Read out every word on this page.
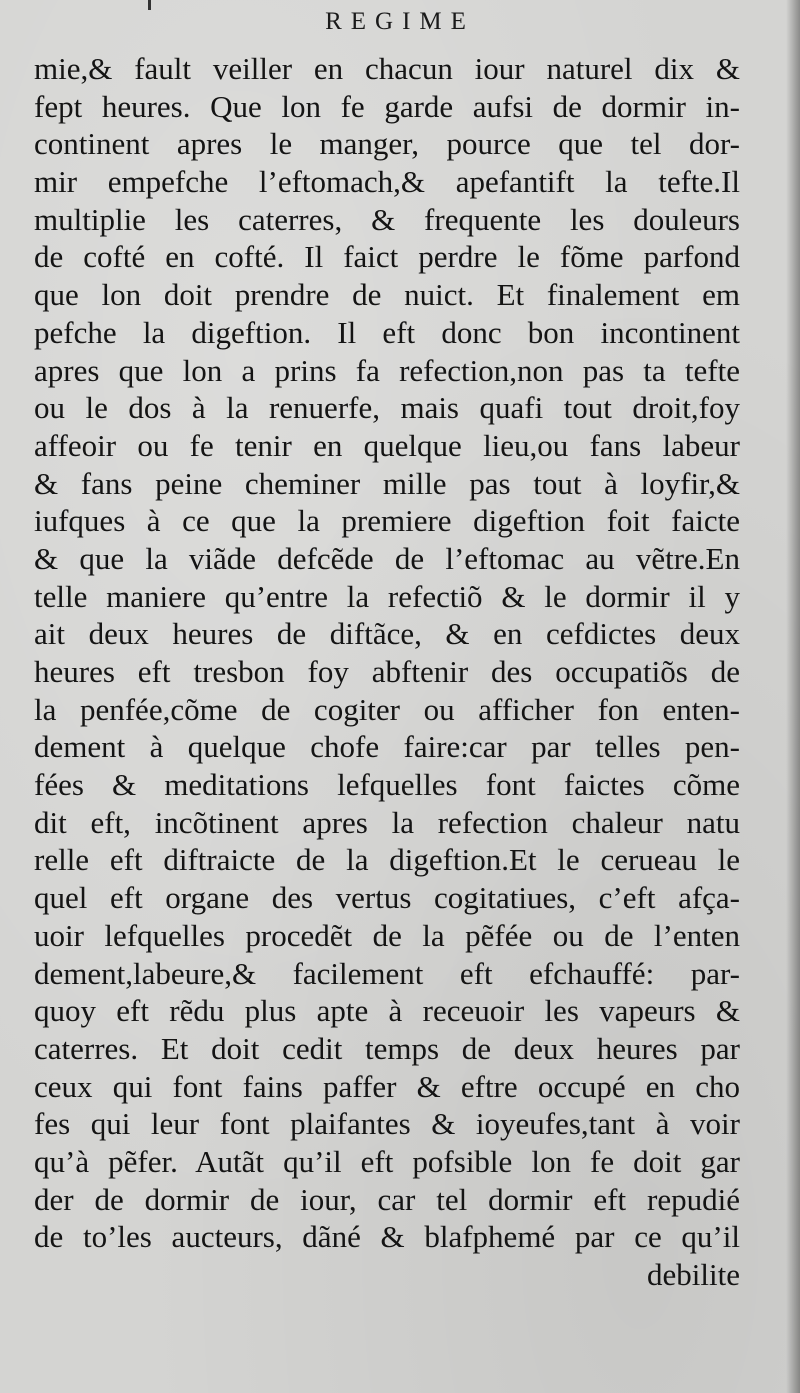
REGIME
mie,& fault veiller en chacun iour naturel dix &
fept heures. Que lon fe garde aufsi de dormir in-
continent apres le manger, pource que tel dor-
mir empefche l’eftomach,& apefantift la tefte.Il
multiplie les caterres, & frequente les douleurs
de cofté en cofté. Il faict perdre le fõme parfond
que lon doit prendre de nuict. Et finalement em
pefche la digeftion. Il eft donc bon incontinent
apres que lon a prins fa refection,non pas ta tefte
ou le dos à la renuerfe, mais quafi tout droit,foy
affeoir ou fe tenir en quelque lieu,ou fans labeur
& fans peine cheminer mille pas tout à loyfir,&
iufques à ce que la premiere digeftion foit faicte
& que la viãde defcẽde de l’eftomac au vẽtre.En
telle maniere qu’entre la refectiõ & le dormir il y
ait deux heures de diftãce, & en cefdictes deux
heures eft tresbon foy abftenir des occupatiõs de
la penfée,cõme de cogiter ou afficher fon enten-
dement à quelque chofe faire:car par telles pen-
fées & meditations lefquelles font faictes cõme
dit eft, incõtinent apres la refection chaleur natu
relle eft diftraicte de la digeftion.Et le cerueau le
quel eft organe des vertus cogitatiues, c’eft afça-
uoir lefquelles procedẽt de la pẽfée ou de l’enten
dement,labeure,& facilement eft efchauffé: par-
quoy eft rẽdu plus apte à receuoir les vapeurs &
caterres. Et doit cedit temps de deux heures par
ceux qui font fains paffer & eftre occupé en cho
fes qui leur font plaifantes & ioyeufes,tant à voir
qu’à pẽfer. Autãt qu’il eft pofsible lon fe doit gar
der de dormir de iour, car tel dormir eft repudié
de to’les aucteurs, dãné & blafphemé par ce qu’il
debilite
